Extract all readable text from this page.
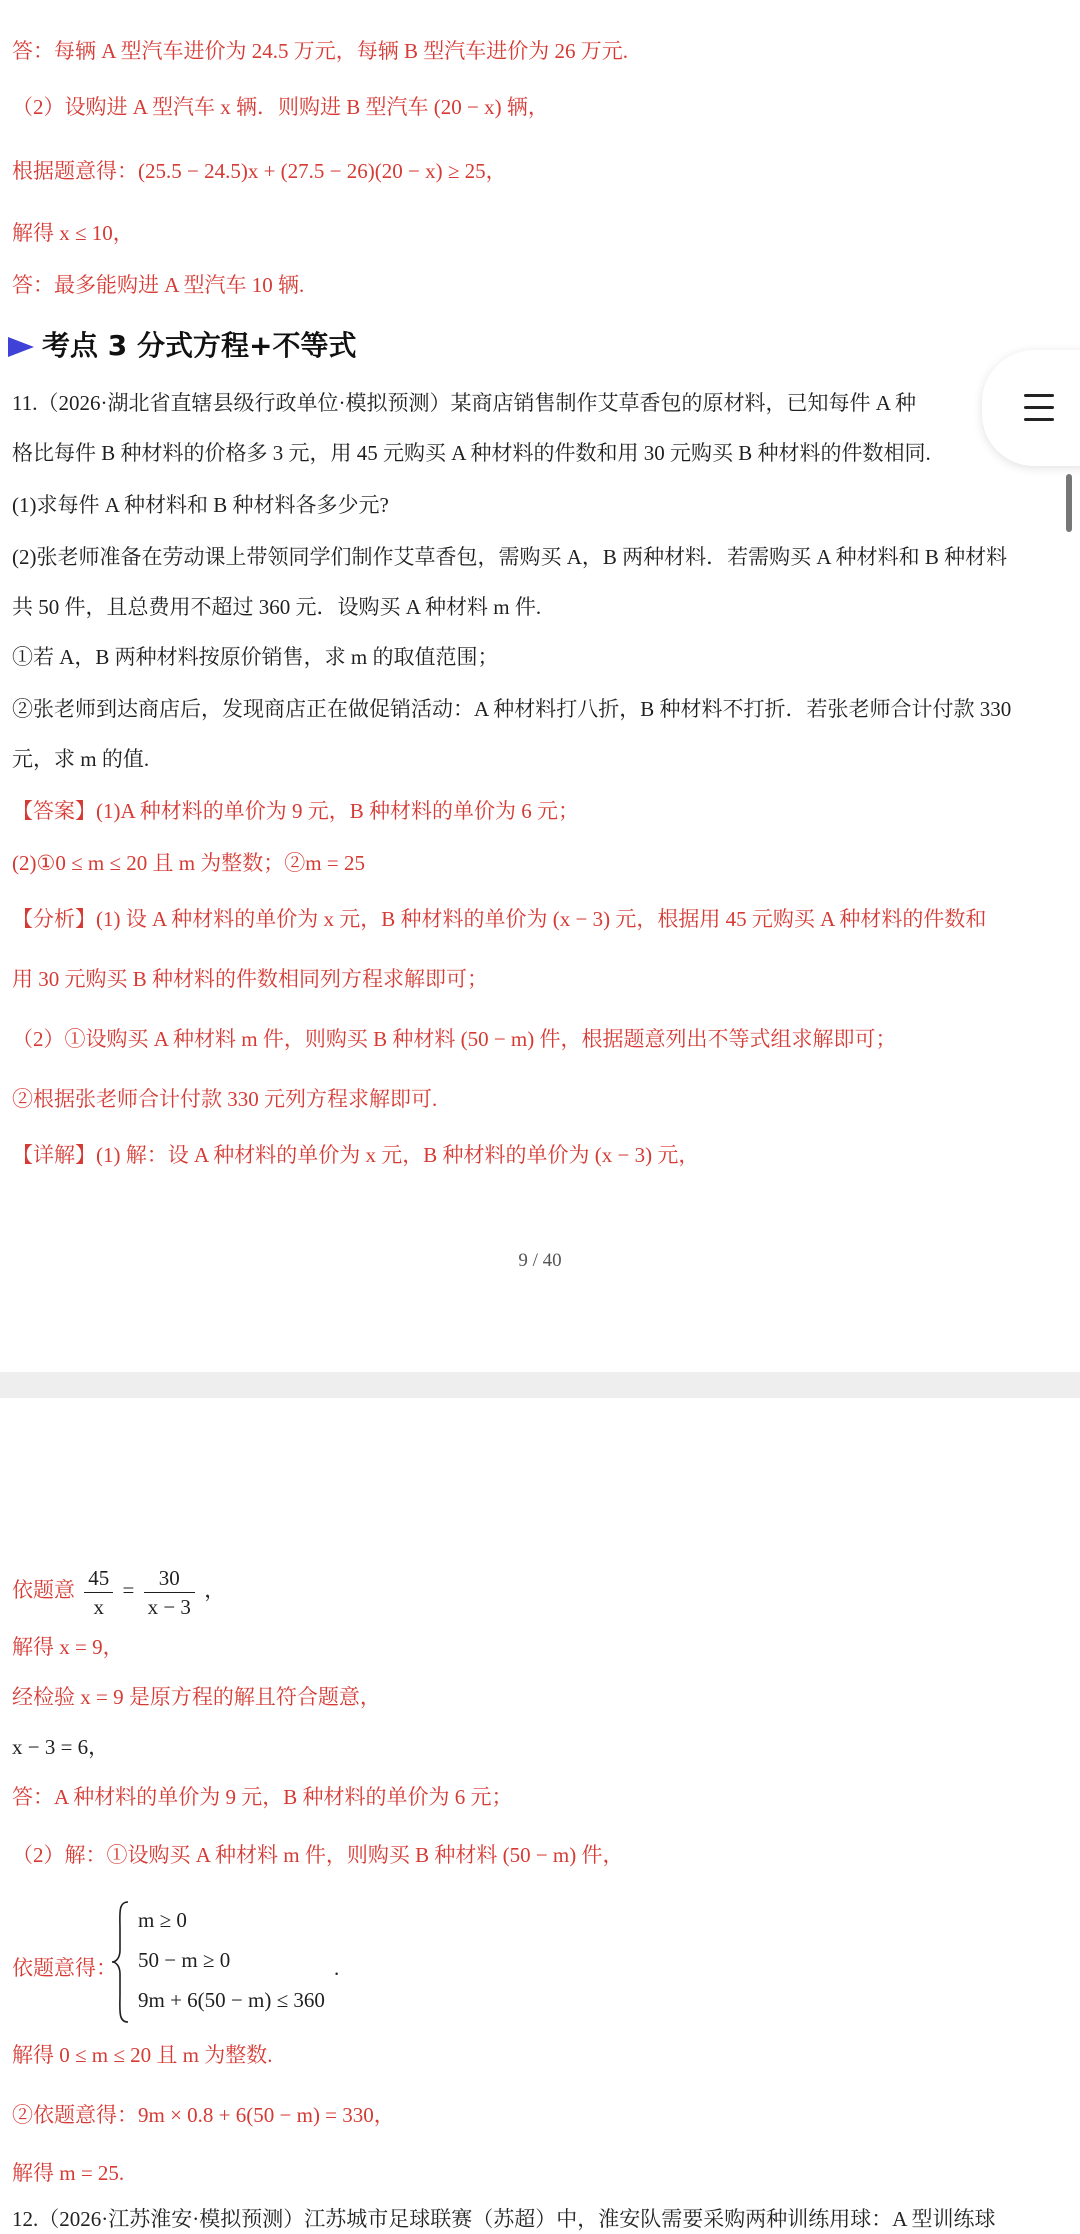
答：每辆 A 型汽车进价为 24.5 万元，每辆 B 型汽车进价为 26 万元.
（2）设购进 A 型汽车 x 辆．则购进 B 型汽车 (20 − x) 辆，
根据题意得：(25.5 − 24.5)x + (27.5 − 26)(20 − x) ≥ 25，
解得 x ≤ 10，
答：最多能购进 A 型汽车 10 辆.
考点 3 分式方程+不等式
11.（2026·湖北省直辖县级行政单位·模拟预测）某商店销售制作艾草香包的原材料，已知每件 A 种
格比每件 B 种材料的价格多 3 元，用 45 元购买 A 种材料的件数和用 30 元购买 B 种材料的件数相同.
(1)求每件 A 种材料和 B 种材料各多少元?
(2)张老师准备在劳动课上带领同学们制作艾草香包，需购买 A，B 两种材料．若需购买 A 种材料和 B 种材料
共 50 件，且总费用不超过 360 元．设购买 A 种材料 m 件.
①若 A，B 两种材料按原价销售，求 m 的取值范围；
②张老师到达商店后，发现商店正在做促销活动：A 种材料打八折，B 种材料不打折．若张老师合计付款 330
元，求 m 的值.
【答案】(1)A 种材料的单价为 9 元，B 种材料的单价为 6 元；
(2)①0 ≤ m ≤ 20 且 m 为整数；②m = 25
【分析】(1) 设 A 种材料的单价为 x 元，B 种材料的单价为 (x − 3) 元，根据用 45 元购买 A 种材料的件数和
用 30 元购买 B 种材料的件数相同列方程求解即可；
（2）①设购买 A 种材料 m 件，则购买 B 种材料 (50 − m) 件，根据题意列出不等式组求解即可；
②根据张老师合计付款 330 元列方程求解即可.
【详解】(1) 解：设 A 种材料的单价为 x 元，B 种材料的单价为 (x − 3) 元，
9 / 40
依题意 $\frac{45}{x} = \frac{30}{x - 3}$ ，
解得 x = 9，
经检验 x = 9 是原方程的解且符合题意，
x − 3 = 6，
答：A 种材料的单价为 9 元，B 种材料的单价为 6 元；
（2）解：①设购买 A 种材料 m 件，则购买 B 种材料 (50 − m) 件，
依题意得：
m ≥ 0
50 − m ≥ 0
9m + 6(50 − m) ≤ 360
.
解得 0 ≤ m ≤ 20 且 m 为整数.
②依题意得：9m × 0.8 + 6(50 − m) = 330，
解得 m = 25.
12.（2026·江苏淮安·模拟预测）江苏城市足球联赛（苏超）中，淮安队需要采购两种训练用球：A 型训练球
